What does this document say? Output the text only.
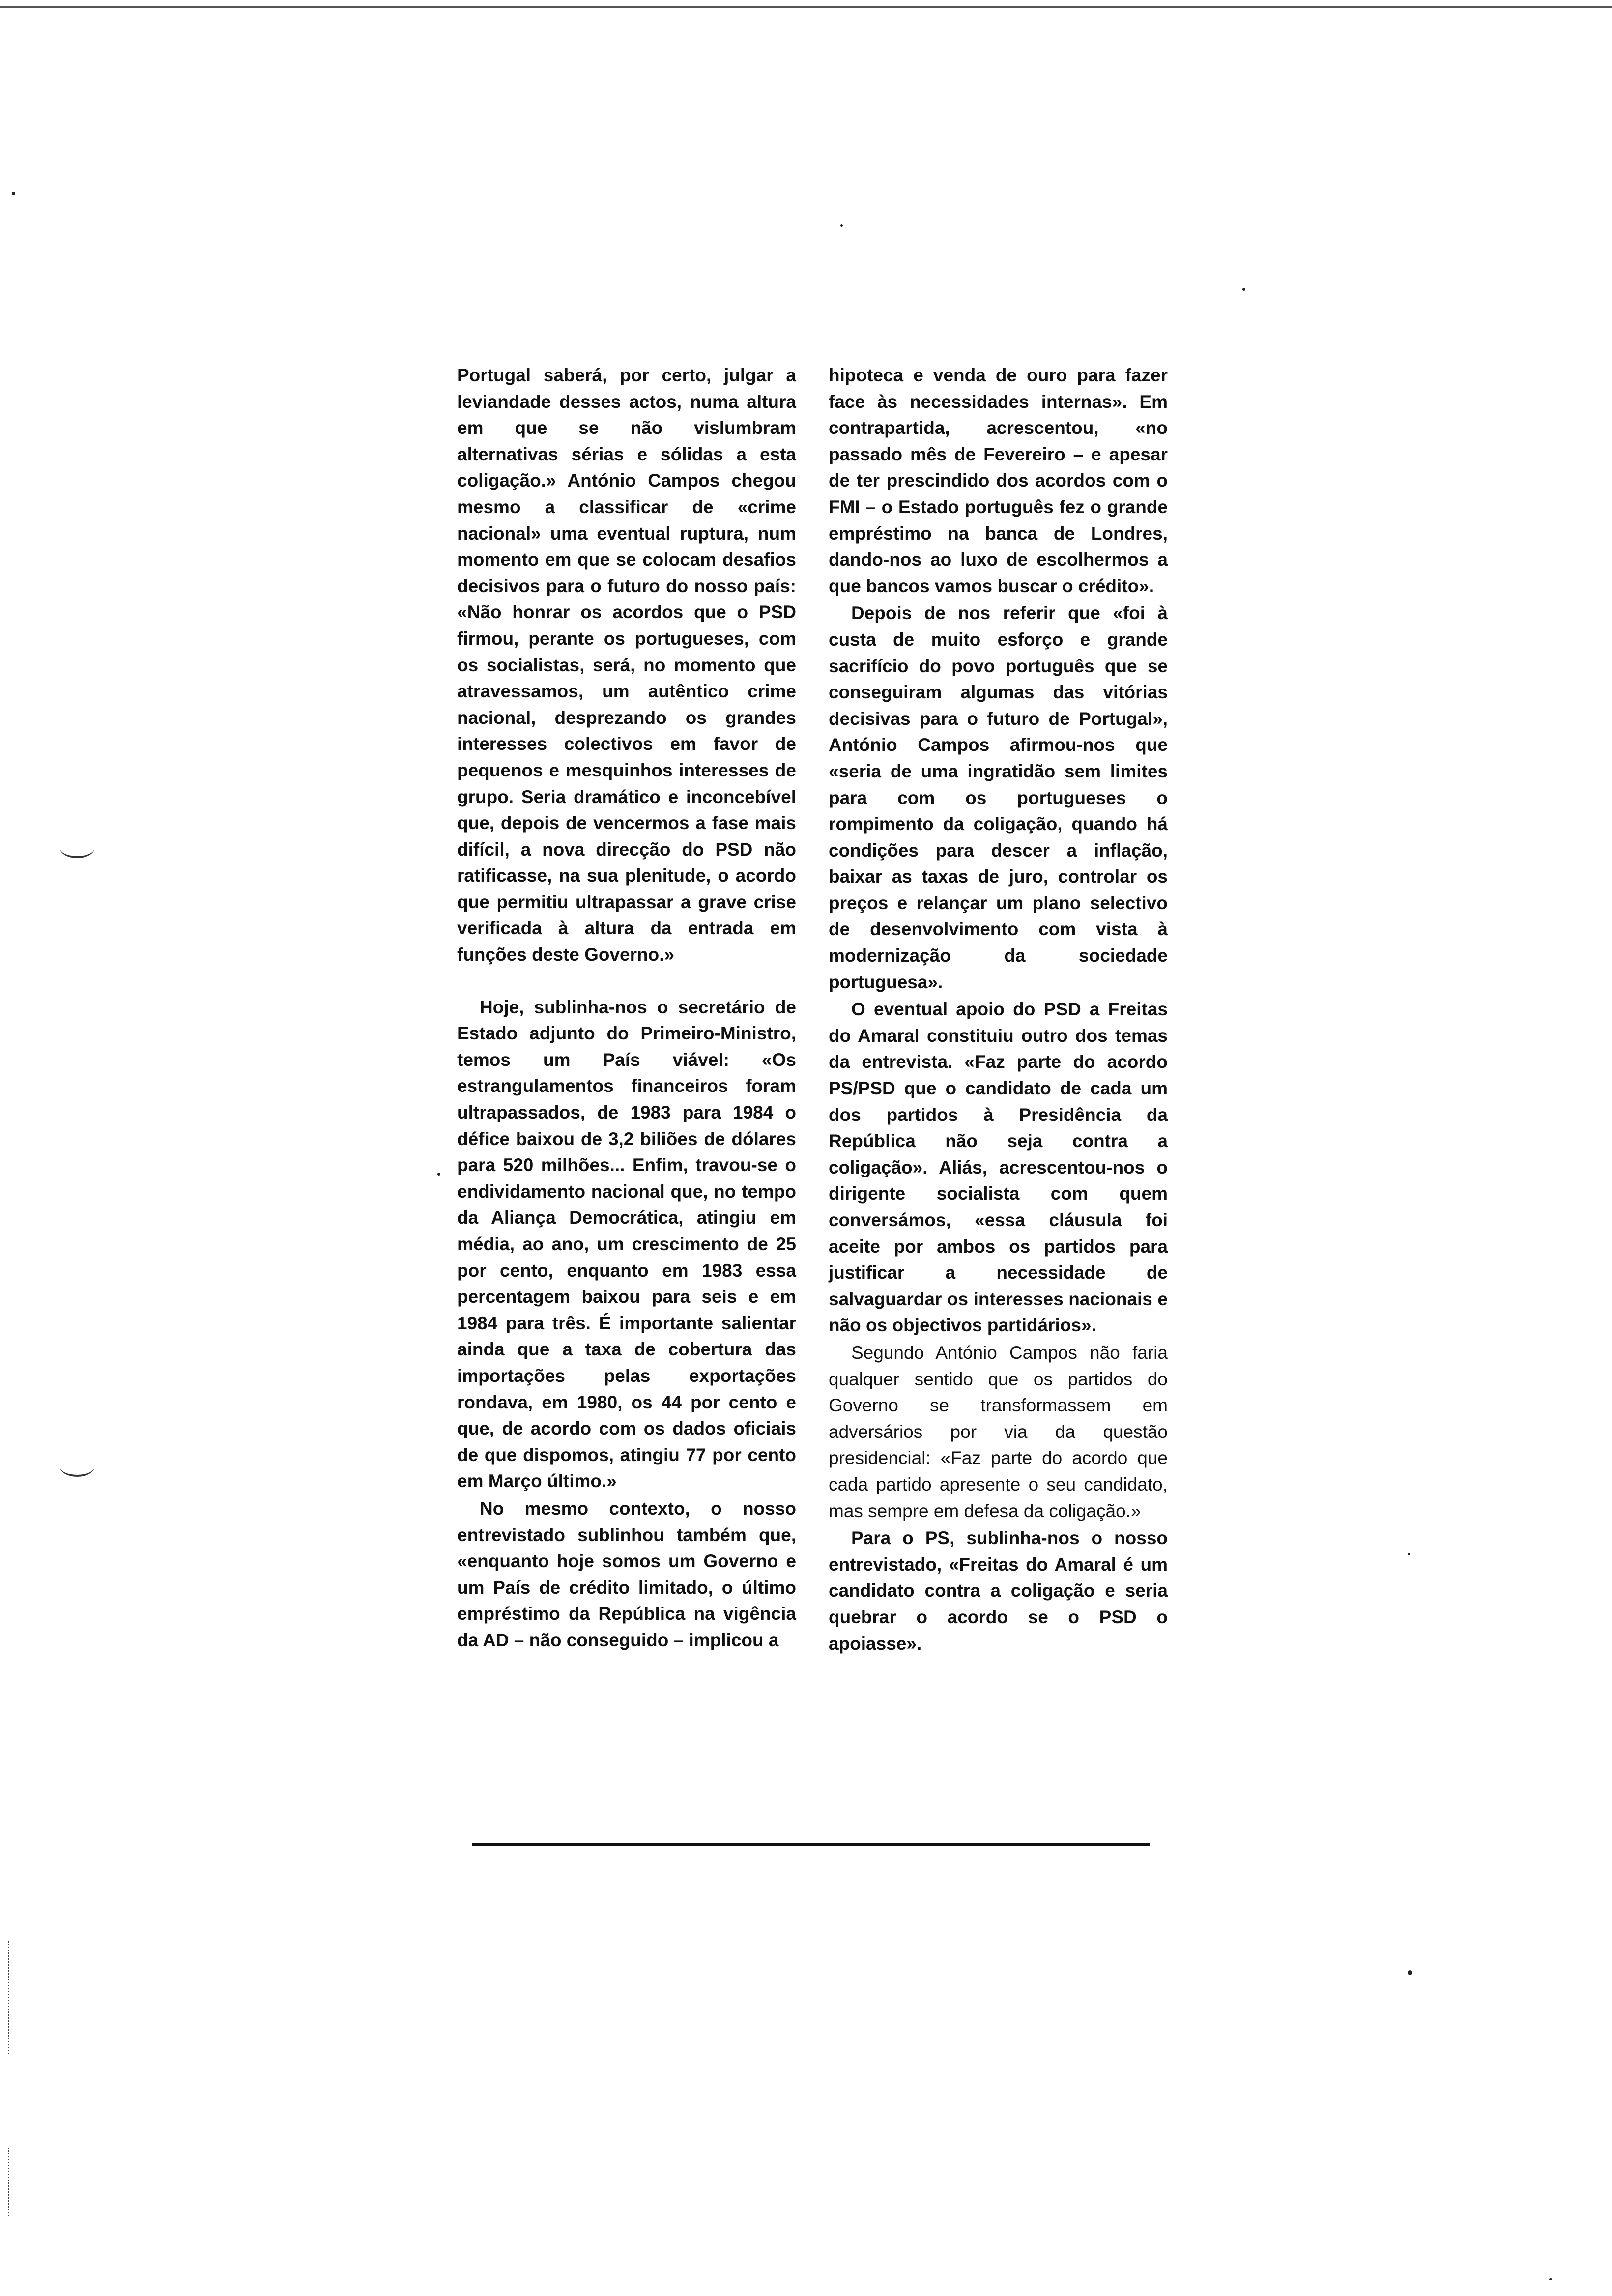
Portugal saberá, por certo, julgar a leviandade desses actos, numa altura em que se não vislumbram alternativas sérias e sólidas a esta coligação.» António Campos chegou mesmo a classificar de «crime nacional» uma eventual ruptura, num momento em que se colocam desafios decisivos para o futuro do nosso país: «Não honrar os acordos que o PSD firmou, perante os portugueses, com os socialistas, será, no momento que atravessamos, um autêntico crime nacional, desprezando os grandes interesses colectivos em favor de pequenos e mesquinhos interesses de grupo. Seria dramático e inconcebível que, depois de vencermos a fase mais difícil, a nova direcção do PSD não ratificasse, na sua plenitude, o acordo que permitiu ultrapassar a grave crise verificada à altura da entrada em funções deste Governo.»

Hoje, sublinha-nos o secretário de Estado adjunto do Primeiro-Ministro, temos um País viável: «Os estrangulamentos financeiros foram ultrapassados, de 1983 para 1984 o défice baixou de 3,2 biliões de dólares para 520 milhões... Enfim, travou-se o endividamento nacional que, no tempo da Aliança Democrática, atingiu em média, ao ano, um crescimento de 25 por cento, enquanto em 1983 essa percentagem baixou para seis e em 1984 para três. É importante salientar ainda que a taxa de cobertura das importações pelas exportações rondava, em 1980, os 44 por cento e que, de acordo com os dados oficiais de que dispomos, atingiu 77 por cento em Março último.»

No mesmo contexto, o nosso entrevistado sublinhou também que, «enquanto hoje somos um Governo e um País de crédito limitado, o último empréstimo da República na vigência da AD – não conseguido – implicou a

hipoteca e venda de ouro para fazer face às necessidades internas». Em contrapartida, acrescentou, «no passado mês de Fevereiro – e apesar de ter prescindido dos acordos com o FMI – o Estado português fez o grande empréstimo na banca de Londres, dando-nos ao luxo de escolhermos a que bancos vamos buscar o crédito».

Depois de nos referir que «foi à custa de muito esforço e grande sacrifício do povo português que se conseguiram algumas das vitórias decisivas para o futuro de Portugal», António Campos afirmou-nos que «seria de uma ingratidão sem limites para com os portugueses o rompimento da coligação, quando há condições para descer a inflação, baixar as taxas de juro, controlar os preços e relançar um plano selectivo de desenvolvimento com vista à modernização da sociedade portuguesa».

O eventual apoio do PSD a Freitas do Amaral constituiu outro dos temas da entrevista. «Faz parte do acordo PS/PSD que o candidato de cada um dos partidos à Presidência da República não seja contra a coligação». Aliás, acrescentou-nos o dirigente socialista com quem conversámos, «essa cláusula foi aceite por ambos os partidos para justificar a necessidade de salvaguardar os interesses nacionais e não os objectivos partidários».

Segundo António Campos não faria qualquer sentido que os partidos do Governo se transformassem em adversários por via da questão presidencial: «Faz parte do acordo que cada partido apresente o seu candidato, mas sempre em defesa da coligação.»

Para o PS, sublinha-nos o nosso entrevistado, «Freitas do Amaral é um candidato contra a coligação e seria quebrar o acordo se o PSD o apoiasse».
